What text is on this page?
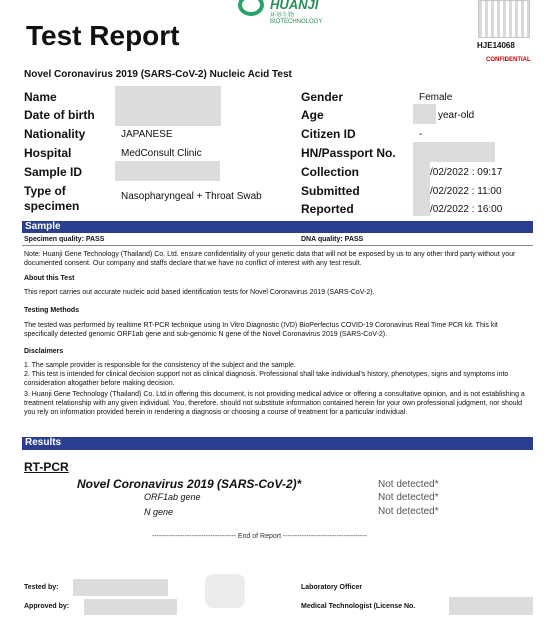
HUANJI
环基生物 BIOTECHNOLOGY
HJE14068
CONFIDENTIAL
Test Report
Novel Coronavirus 2019 (SARS-CoV-2) Nucleic Acid Test
Name
Date of birth
Nationality	JAPANESE
Hospital	MedConsult Clinic
Sample ID
Type of
specimen
Nasopharyngeal + Throat Swab
Gender	Female
Age	year-old
Citizen ID	-
HN/Passport No.
Collection	/02/2022 : 09:17
Submitted	/02/2022 : 11:00
Reported	/02/2022 : 16:00
Sample
Specimen quality: PASS	DNA quality: PASS
Note: Huanji Gene Technology (Thailand) Co. Ltd. ensure confidentiality of your genetic data that will not be exposed by us to any other third party without your documented consent. Our company and staffs declare that we have no conflict of interest with any test result.
About this Test
This report carries out accurate nucleic acid based identification tests for Novel Coronavirus 2019 (SARS-CoV-2).
Testing Methods
The tested was performed by realtime RT-PCR technique using In Vitro Diagnostic (IVD) BioPerfectus COVID-19 Coronavirus Real Time PCR kit. This kit specifically detected genomic ORF1ab gene and sub-genomic N gene of the Novel Coronavirus 2019 (SARS-CoV-2).
Disclaimers
1. The sample provider is responsible for the consistency of the subject and the sample.
2. This test is intended for clinical decision support not as clinical diagnosis. Professional shall take individual's history, phenotypes, signs and symptoms into consideration altogather before making decision.
3. Huanji Gene Technology (Thailand) Co. Ltd.in offering this document, is not providing medical advice or offering a consultative opinion, and is not establishing a treatment relationship with any given individual. You, therefore, should not substitute information contained herein for your own professional judgment, nor should you rely on information provided herein in rendering a diagnosis or choosing a course of treatment for a particular individual.
Results
RT-PCR
Novel Coronavirus 2019 (SARS-CoV-2)*	Not detected*
ORF1ab gene	Not detected*
N gene	Not detected*
------------------------------------ End of Report ------------------------------------
Tested by:
Approved by:
Laboratory Officer
Medical Technologist (License No.
